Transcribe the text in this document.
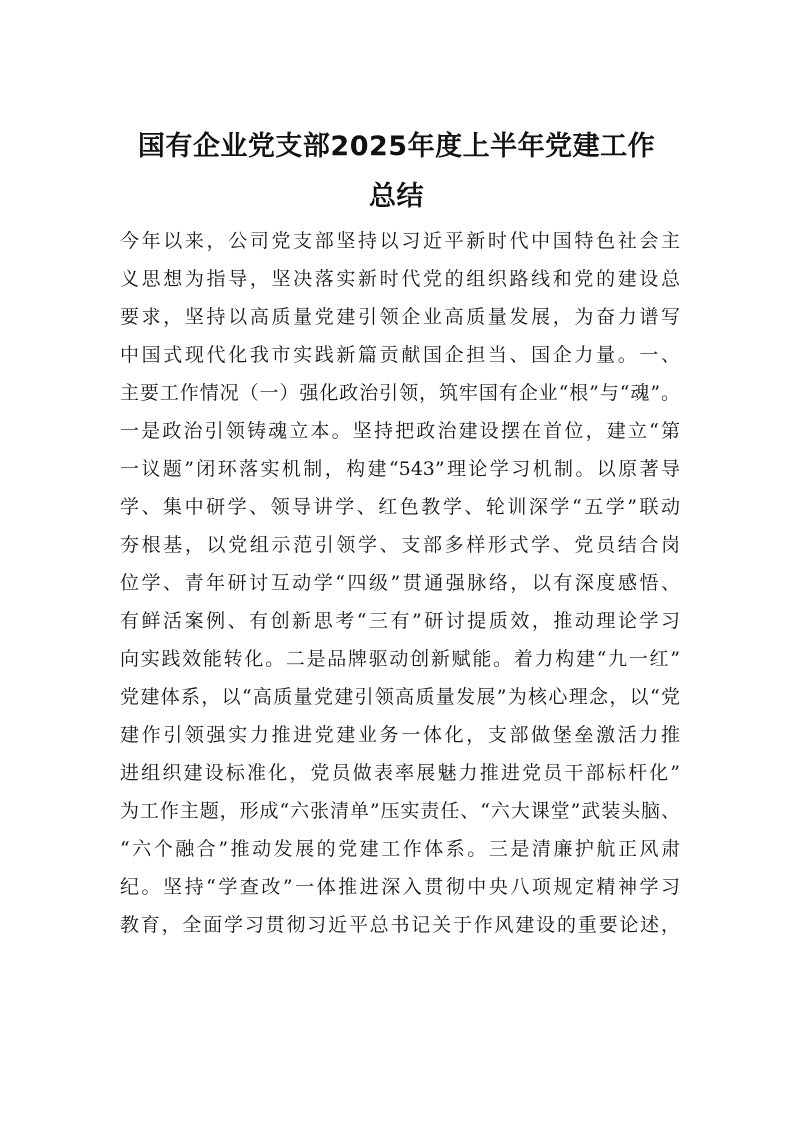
国有企业党支部2025年度上半年党建工作
总结
今年以来，公司党支部坚持以习近平新时代中国特色社会主
义思想为指导，坚决落实新时代党的组织路线和党的建设总
要求，坚持以高质量党建引领企业高质量发展，为奋力谱写
中国式现代化我市实践新篇贡献国企担当、国企力量。一、
主要工作情况（一）强化政治引领，筑牢国有企业“根”与“魂”。
一是政治引领铸魂立本。坚持把政治建设摆在首位，建立“第
一议题”闭环落实机制，构建“543”理论学习机制。以原著导
学、集中研学、领导讲学、红色教学、轮训深学“五学”联动
夯根基，以党组示范引领学、支部多样形式学、党员结合岗
位学、青年研讨互动学“四级”贯通强脉络，以有深度感悟、
有鲜活案例、有创新思考“三有”研讨提质效，推动理论学习
向实践效能转化。二是品牌驱动创新赋能。着力构建“九一红”
党建体系，以“高质量党建引领高质量发展”为核心理念，以“党
建作引领强实力推进党建业务一体化，支部做堡垒激活力推
进组织建设标准化，党员做表率展魅力推进党员干部标杆化”
为工作主题，形成“六张清单”压实责任、“六大课堂”武装头脑、
“六个融合”推动发展的党建工作体系。三是清廉护航正风肃
纪。坚持“学查改”一体推进深入贯彻中央八项规定精神学习
教育，全面学习贯彻习近平总书记关于作风建设的重要论述，
